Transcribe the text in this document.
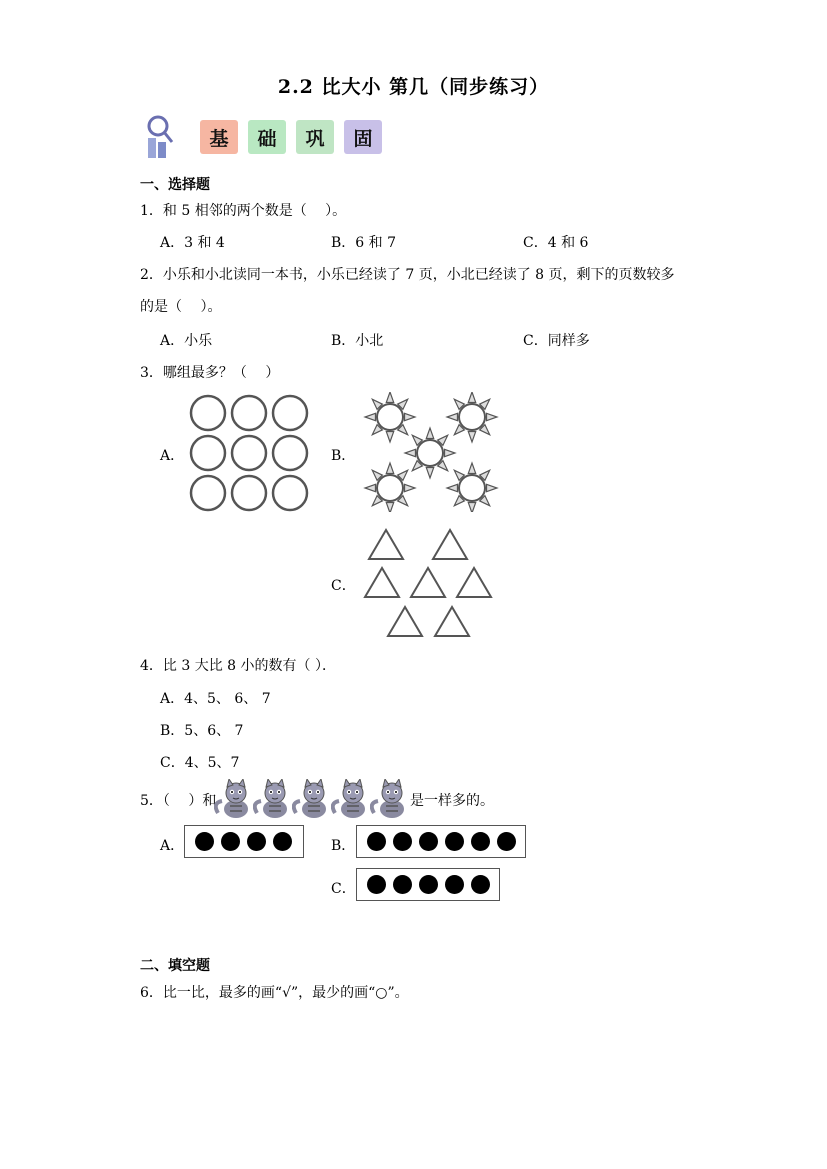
2.2 比大小 第几（同步练习）
基	础	巩	固
一、选择题
1．和 5 相邻的两个数是（　 ）。
A．3 和 4	B．6 和 7	C．4 和 6
2．小乐和小北读同一本书，小乐已经读了 7 页，小北已经读了 8 页，剩下的页数较多
的是（　 ）。
A．小乐	B．小北	C．同样多
3．哪组最多？（　 ）
A．	B．
C．
4．比 3 大比 8 小的数有（ ）．
A．4、5、 6、 7
B．5、6、 7
C．4、5、7
5．（　 ）和	是一样多的。
A．	B．
C．
二、填空题
6．比一比，最多的画“√”，最少的画“○”。
